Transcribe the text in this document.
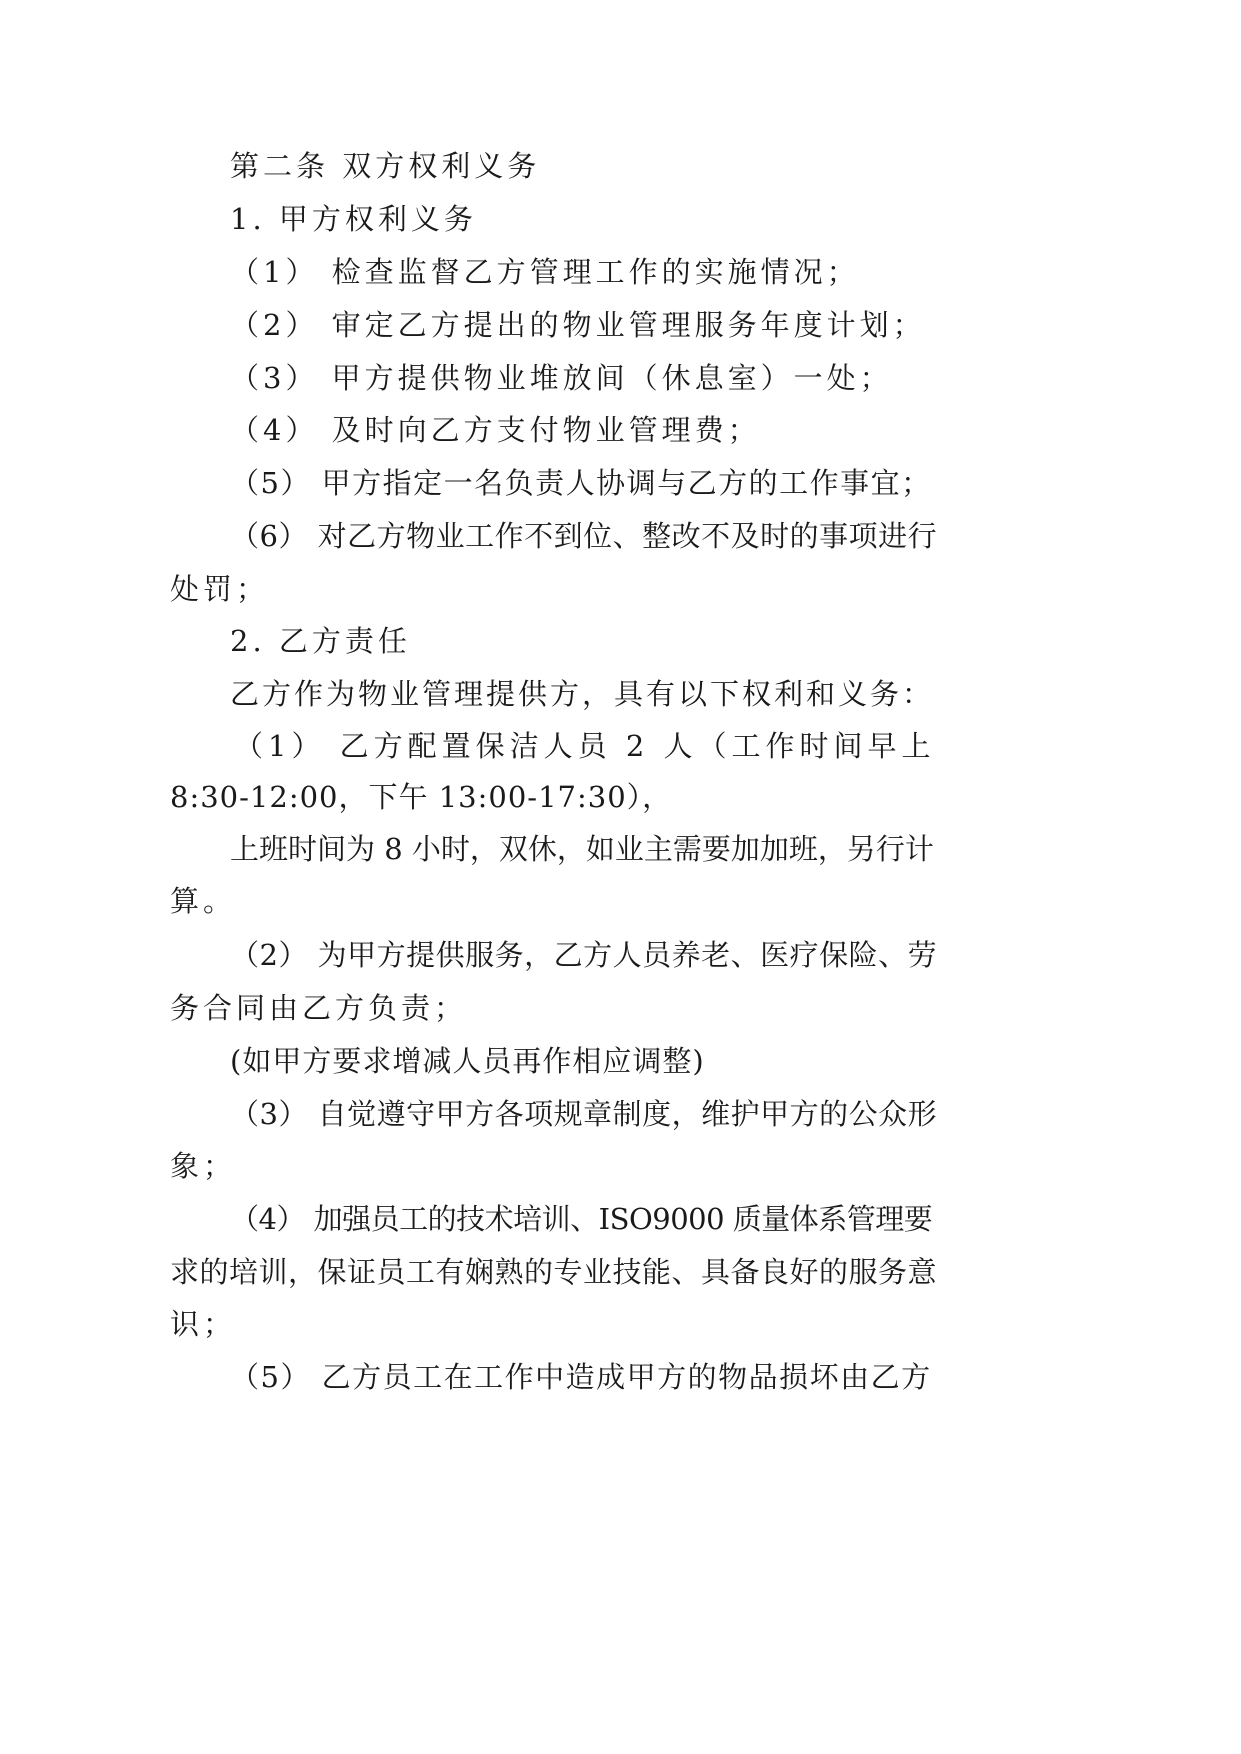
第二条 双方权利义务
1. 甲方权利义务
（1） 检查监督乙方管理工作的实施情况；
（2） 审定乙方提出的物业管理服务年度计划；
（3） 甲方提供物业堆放间（休息室）一处；
（4） 及时向乙方支付物业管理费；
（5） 甲方指定一名负责人协调与乙方的工作事宜；
（6） 对乙方物业工作不到位、整改不及时的事项进行
处罚；
2. 乙方责任
乙方作为物业管理提供方，具有以下权利和义务：
（1） 乙方配置保洁人员 2 人（工作时间早上
8:30-12:00，下午 13:00-17:30），
上班时间为 8 小时，双休，如业主需要加加班，另行计
算。
（2） 为甲方提供服务，乙方人员养老、医疗保险、劳
务合同由乙方负责；
(如甲方要求增减人员再作相应调整)
（3） 自觉遵守甲方各项规章制度，维护甲方的公众形
象；
（4） 加强员工的技术培训、ISO9000 质量体系管理要
求的培训，保证员工有娴熟的专业技能、具备良好的服务意
识；
（5） 乙方员工在工作中造成甲方的物品损坏由乙方
